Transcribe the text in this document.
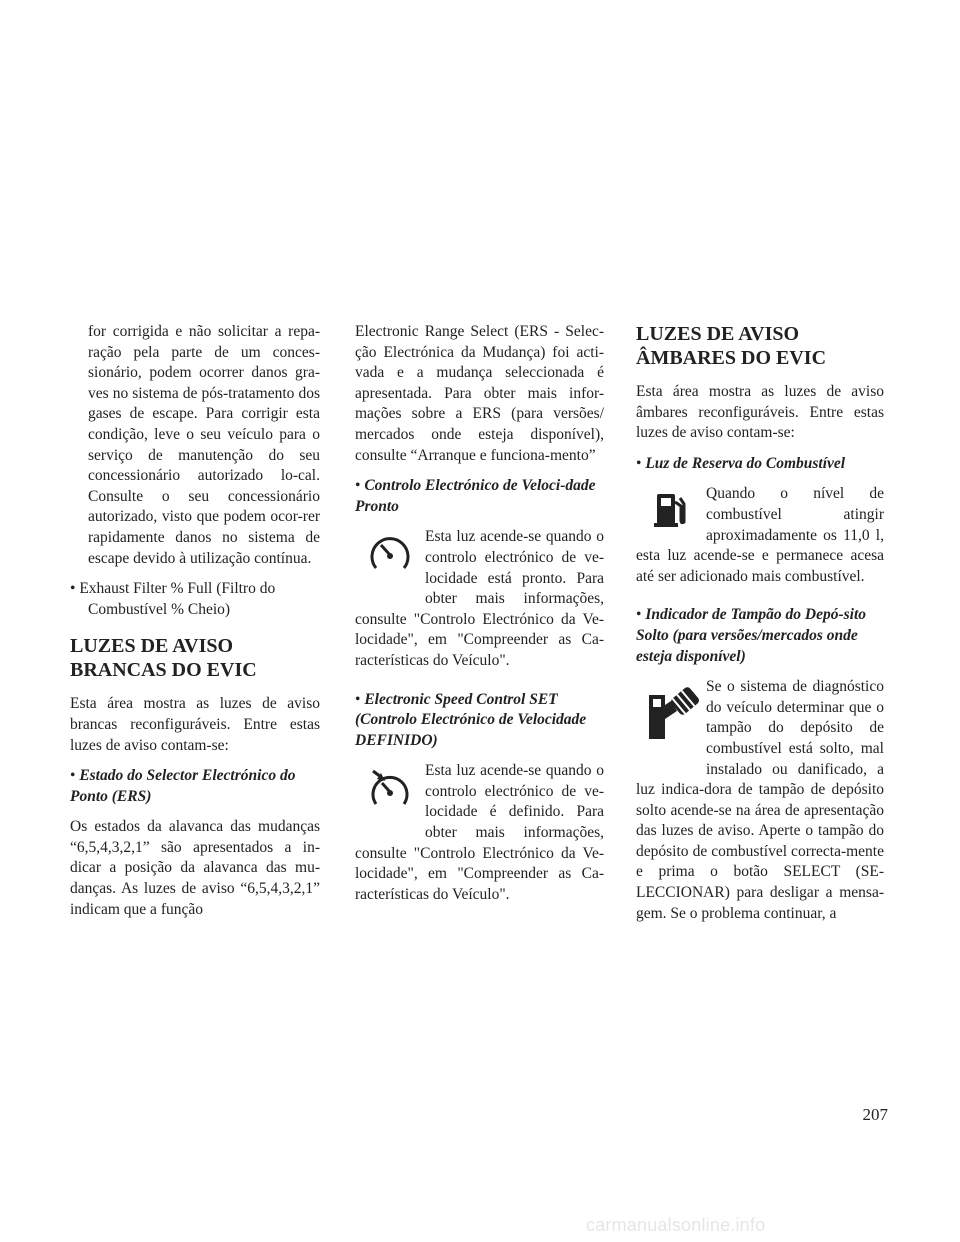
for corrigida e não solicitar a repa-ração pela parte de um conces-sionário, podem ocorrer danos gra-ves no sistema de pós-tratamento dos gases de escape. Para corrigir esta condição, leve o seu veículo para o serviço de manutenção do seu concessionário autorizado lo-cal. Consulte o seu concessionário autorizado, visto que podem ocor-rer rapidamente danos no sistema de escape devido à utilização contínua.

• Exhaust Filter % Full (Filtro do Combustível % Cheio)

LUZES DE AVISO BRANCAS DO EVIC

Esta área mostra as luzes de aviso brancas reconfiguráveis. Entre estas luzes de aviso contam-se:

• Estado do Selector Electrónico do Ponto (ERS)

Os estados da alavanca das mudanças “6,5,4,3,2,1” são apresentados a in-dicar a posição da alavanca das mu-danças. As luzes de aviso “6,5,4,3,2,1” indicam que a função

Electronic Range Select (ERS - Selec-ção Electrónica da Mudança) foi acti-vada e a mudança seleccionada é apresentada. Para obter mais infor-mações sobre a ERS (para versões/ mercados onde esteja disponível), consulte “Arranque e funciona-mento”

• Controlo Electrónico de Veloci-dade Pronto

Esta luz acende-se quando o controlo electrónico de ve-locidade está pronto. Para obter mais informações, consulte "Controlo Electrónico da Ve-locidade", em "Compreender as Ca-racterísticas do Veículo".

• Electronic Speed Control SET (Controlo Electrónico de Velocidade DEFINIDO)

Esta luz acende-se quando o controlo electrónico de ve-locidade é definido. Para obter mais informações, consulte "Controlo Electrónico da Ve-locidade", em "Compreender as Ca-racterísticas do Veículo".

LUZES DE AVISO ÂMBARES DO EVIC

Esta área mostra as luzes de aviso âmbares reconfiguráveis. Entre estas luzes de aviso contam-se:

• Luz de Reserva do Combustível

Quando o nível de combustível atingir aproximadamente os 11,0 l, esta luz acende-se e permanece acesa até ser adicionado mais combustível.

• Indicador de Tampão do Depó-sito Solto (para versões/mercados onde esteja disponível)

Se o sistema de diagnóstico do veículo determinar que o tampão do depósito de combustível está solto, mal instalado ou danificado, a luz indica-dora de tampão de depósito solto acende-se na área de apresentação das luzes de aviso. Aperte o tampão do depósito de combustível correcta-mente e prima o botão SELECT (SE-LECCIONAR) para desligar a mensa-gem. Se o problema continuar, a

207
carmanualsonline.info
